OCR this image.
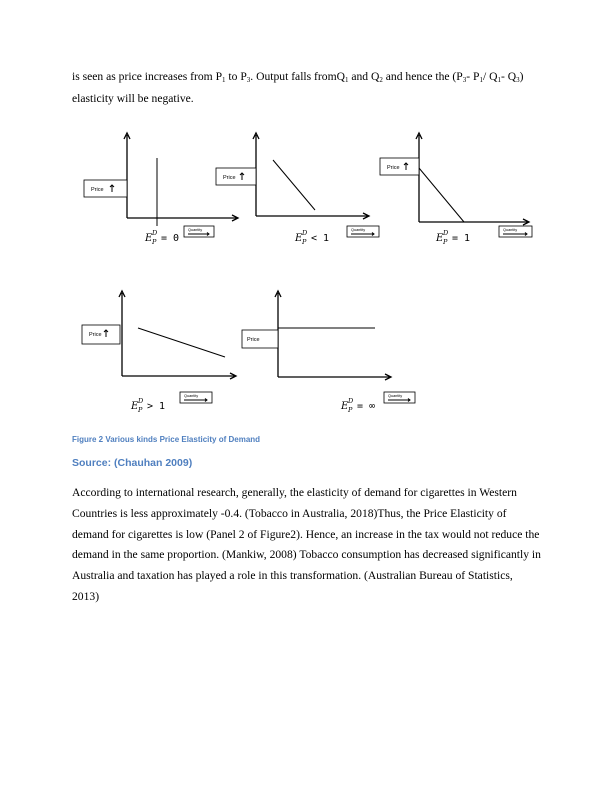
is seen as price increases from $P_1$ to $P_3$. Output falls fromQ$_1$ and $Q_2$ and hence the ($P_3-$ $P_1/$ $Q_1-$ $Q_3$)
elasticity will be negative.

Price
E D
P = 0
Quantity
Price
E D
P < 1
Quantity
Price
E D
P = 1
Quantity
Price
E D
P > 1
Quantity
Price
E D
P = ∞
Quantity
Figure 2 Various kinds Price Elasticity of Demand
Source: (Chauhan 2009)

According to international research, generally, the elasticity of demand for cigarettes in Western Countries is less approximately -0.4. (Tobacco in Australia, 2018)Thus, the Price Elasticity of demand for cigarettes is low (Panel 2 of Figure2). Hence, an increase in the tax would not reduce the demand in the same proportion. (Mankiw, 2008) Tobacco consumption has decreased significantly in Australia and taxation has played a role in this transformation. (Australian Bureau of Statistics, 2013)
